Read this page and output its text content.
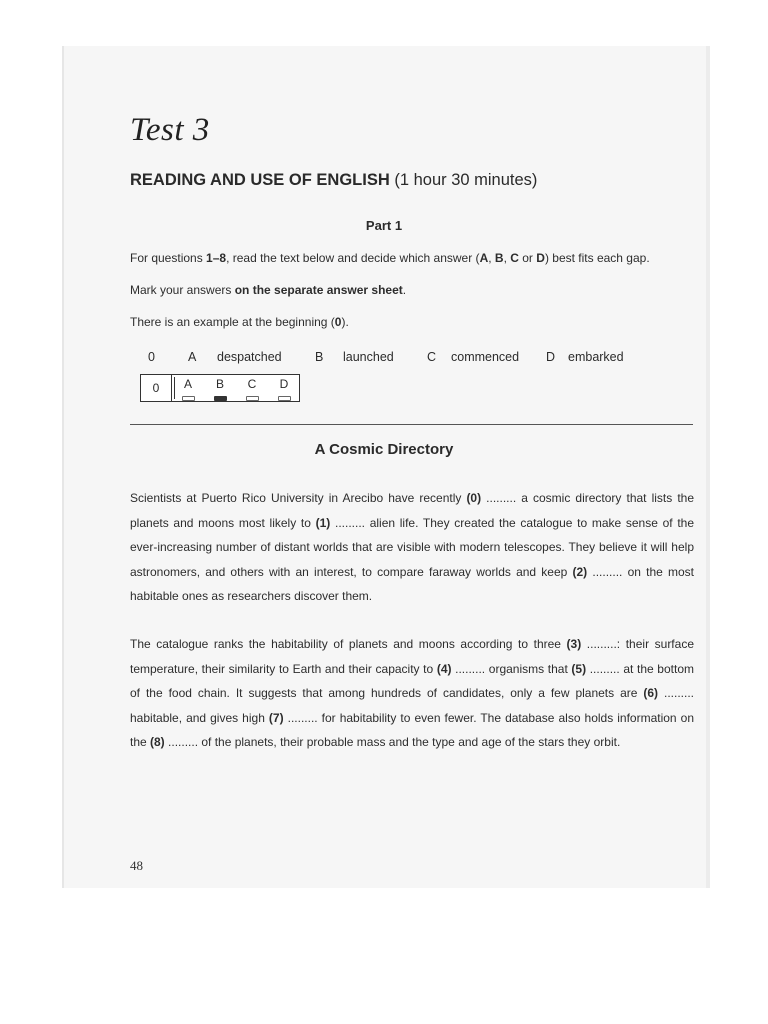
Test 3
READING AND USE OF ENGLISH (1 hour 30 minutes)
Part 1
For questions 1–8, read the text below and decide which answer (A, B, C or D) best fits each gap.
Mark your answers on the separate answer sheet.
There is an example at the beginning (0).
0	A despatched	B launched	C commenced D embarked
0	A	B	C	D
A Cosmic Directory

Scientists at Puerto Rico University in Arecibo have recently (0) ......... a cosmic directory that lists the planets and moons most likely to (1) ......... alien life. They created the catalogue to make sense of the ever-increasing number of distant worlds that are visible with modern telescopes. They believe it will help astronomers, and others with an interest, to compare faraway worlds and keep (2) ......... on the most habitable ones as researchers discover them.

The catalogue ranks the habitability of planets and moons according to three (3) .........: their surface temperature, their similarity to Earth and their capacity to (4) ......... organisms that (5) ......... at the bottom of the food chain. It suggests that among hundreds of candidates, only a few planets are (6) ......... habitable, and gives high (7) ......... for habitability to even fewer. The database also holds information on the (8) ......... of the planets, their probable mass and the type and age of the stars they orbit.

48
